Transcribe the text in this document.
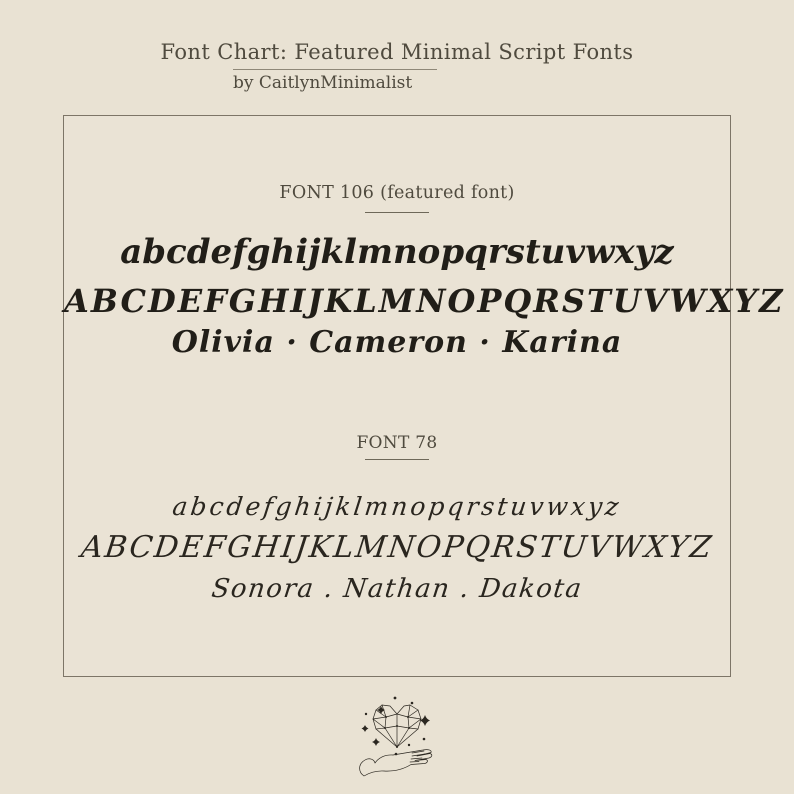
Font Chart: Featured Minimal Script Fonts
by CaitlynMinimalist
FONT 106 (featured font)
abcdefghijklmnopqrstuvwxyz
ABCDEFGHIJKLMNOPQRSTUVWXYZ
Olivia · Cameron · Karina
FONT 78
abcdefghijklmnopqrstuvwxyz
ABCDEFGHIJKLMNOPQRSTUVWXYZ
Sonora . Nathan . Dakota
